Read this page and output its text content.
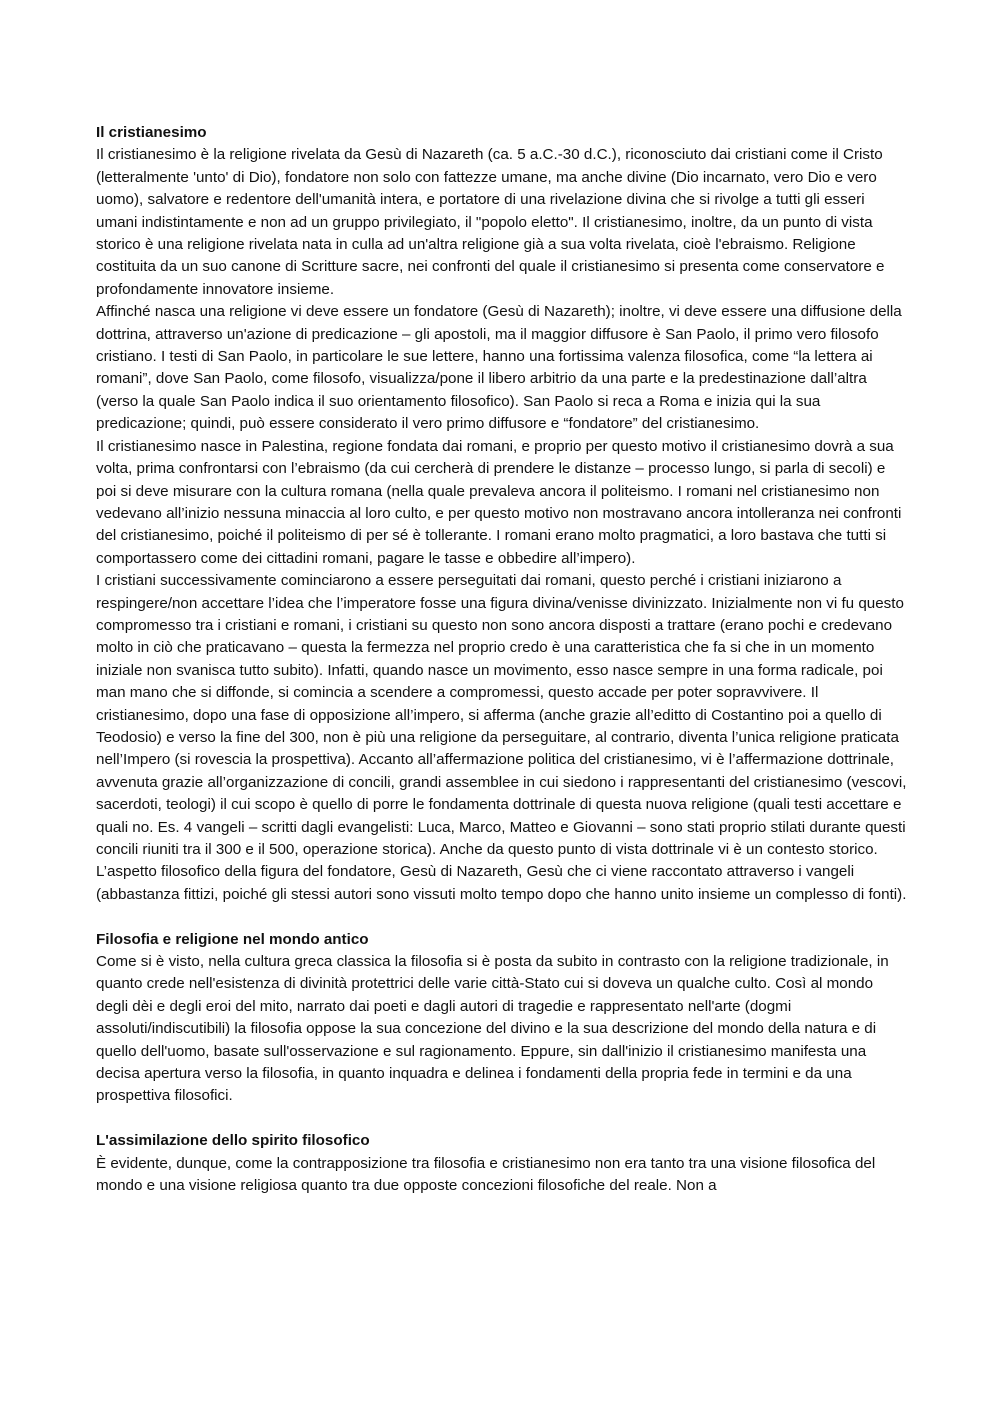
Il cristianesimo

Il cristianesimo è la religione rivelata da Gesù di Nazareth (ca. 5 a.C.-30 d.C.), riconosciuto dai cristiani come il Cristo (letteralmente 'unto' di Dio), fondatore non solo con fattezze umane, ma anche divine (Dio incarnato, vero Dio e vero uomo), salvatore e redentore dell'umanità intera, e portatore di una rivelazione divina che si rivolge a tutti gli esseri umani indistintamente e non ad un gruppo privilegiato, il "popolo eletto". Il cristianesimo, inoltre, da un punto di vista storico è una religione rivelata nata in culla ad un'altra religione già a sua volta rivelata, cioè l'ebraismo. Religione costituita da un suo canone di Scritture sacre, nei confronti del quale il cristianesimo si presenta come conservatore e profondamente innovatore insieme.

Affinché nasca una religione vi deve essere un fondatore (Gesù di Nazareth); inoltre, vi deve essere una diffusione della dottrina, attraverso un'azione di predicazione – gli apostoli, ma il maggior diffusore è San Paolo, il primo vero filosofo cristiano. I testi di San Paolo, in particolare le sue lettere, hanno una fortissima valenza filosofica, come “la lettera ai romani”, dove San Paolo, come filosofo, visualizza/pone il libero arbitrio da una parte e la predestinazione dall’altra (verso la quale San Paolo indica il suo orientamento filosofico). San Paolo si reca a Roma e inizia qui la sua predicazione; quindi, può essere considerato il vero primo diffusore e “fondatore” del cristianesimo.

Il cristianesimo nasce in Palestina, regione fondata dai romani, e proprio per questo motivo il cristianesimo dovrà a sua volta, prima confrontarsi con l’ebraismo (da cui cercherà di prendere le distanze – processo lungo, si parla di secoli) e poi si deve misurare con la cultura romana (nella quale prevaleva ancora il politeismo. I romani nel cristianesimo non vedevano all’inizio nessuna minaccia al loro culto, e per questo motivo non mostravano ancora intolleranza nei confronti del cristianesimo, poiché il politeismo di per sé è tollerante. I romani erano molto pragmatici, a loro bastava che tutti si comportassero come dei cittadini romani, pagare le tasse e obbedire all’impero).

I cristiani successivamente cominciarono a essere perseguitati dai romani, questo perché i cristiani iniziarono a respingere/non accettare l’idea che l’imperatore fosse una figura divina/venisse divinizzato. Inizialmente non vi fu questo compromesso tra i cristiani e romani, i cristiani su questo non sono ancora disposti a trattare (erano pochi e credevano molto in ciò che praticavano – questa la fermezza nel proprio credo è una caratteristica che fa si che in un momento iniziale non svanisca tutto subito). Infatti, quando nasce un movimento, esso nasce sempre in una forma radicale, poi man mano che si diffonde, si comincia a scendere a compromessi, questo accade per poter sopravvivere. Il cristianesimo, dopo una fase di opposizione all’impero, si afferma (anche grazie all’editto di Costantino poi a quello di Teodosio) e verso la fine del 300, non è più una religione da perseguitare, al contrario, diventa l’unica religione praticata nell’Impero (si rovescia la prospettiva). Accanto all’affermazione politica del cristianesimo, vi è l’affermazione dottrinale, avvenuta grazie all’organizzazione di concili, grandi assemblee in cui siedono i rappresentanti del cristianesimo (vescovi, sacerdoti, teologi) il cui scopo è quello di porre le fondamenta dottrinale di questa nuova religione (quali testi accettare e quali no. Es. 4 vangeli – scritti dagli evangelisti: Luca, Marco, Matteo e Giovanni – sono stati proprio stilati durante questi concili riuniti tra il 300 e il 500, operazione storica). Anche da questo punto di vista dottrinale vi è un contesto storico. L’aspetto filosofico della figura del fondatore, Gesù di Nazareth, Gesù che ci viene raccontato attraverso i vangeli (abbastanza fittizi, poiché gli stessi autori sono vissuti molto tempo dopo che hanno unito insieme un complesso di fonti).

Filosofia e religione nel mondo antico

Come si è visto, nella cultura greca classica la filosofia si è posta da subito in contrasto con la religione tradizionale, in quanto crede nell'esistenza di divinità protettrici delle varie città-Stato cui si doveva un qualche culto. Così al mondo degli dèi e degli eroi del mito, narrato dai poeti e dagli autori di tragedie e rappresentato nell'arte (dogmi assoluti/indiscutibili) la filosofia oppose la sua concezione del divino e la sua descrizione del mondo della natura e di quello dell'uomo, basate sull'osservazione e sul ragionamento. Eppure, sin dall'inizio il cristianesimo manifesta una decisa apertura verso la filosofia, in quanto inquadra e delinea i fondamenti della propria fede in termini e da una prospettiva filosofici.

L'assimilazione dello spirito filosofico

È evidente, dunque, come la contrapposizione tra filosofia e cristianesimo non era tanto tra una visione filosofica del mondo e una visione religiosa quanto tra due opposte concezioni filosofiche del reale. Non a
